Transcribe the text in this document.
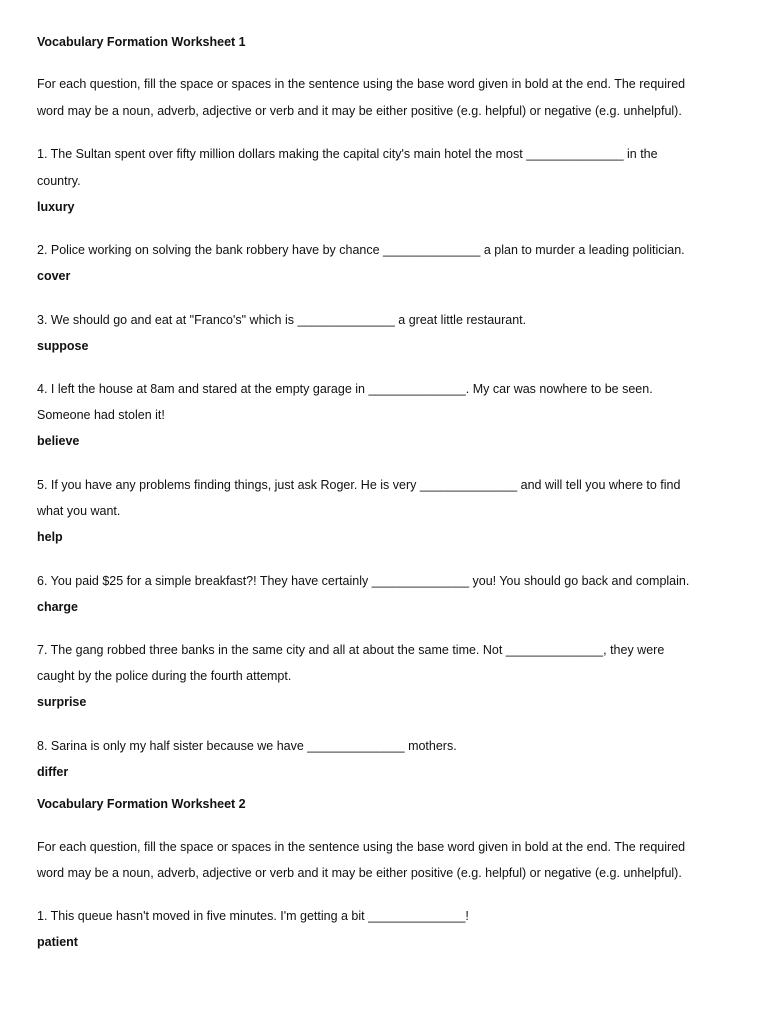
Vocabulary Formation Worksheet 1
For each question, fill the space or spaces in the sentence using the base word given in bold at the end. The required
word may be a noun, adverb, adjective or verb and it may be either positive (e.g. helpful) or negative (e.g. unhelpful).
1. The Sultan spent over fifty million dollars making the capital city's main hotel the most ______________ in the
country.
luxury
2. Police working on solving the bank robbery have by chance ______________ a plan to murder a leading politician.
cover
3. We should go and eat at "Franco's" which is ______________ a great little restaurant.
suppose
4. I left the house at 8am and stared at the empty garage in ______________. My car was nowhere to be seen.
Someone had stolen it!
believe
5. If you have any problems finding things, just ask Roger. He is very ______________ and will tell you where to find
what you want.
help
6. You paid $25 for a simple breakfast?! They have certainly ______________ you! You should go back and complain.
charge
7. The gang robbed three banks in the same city and all at about the same time. Not ______________, they were
caught by the police during the fourth attempt.
surprise
8. Sarina is only my half sister because we have ______________ mothers.
differ
Vocabulary Formation Worksheet 2
For each question, fill the space or spaces in the sentence using the base word given in bold at the end. The required
word may be a noun, adverb, adjective or verb and it may be either positive (e.g. helpful) or negative (e.g. unhelpful).
1. This queue hasn't moved in five minutes. I'm getting a bit ______________!
patient
